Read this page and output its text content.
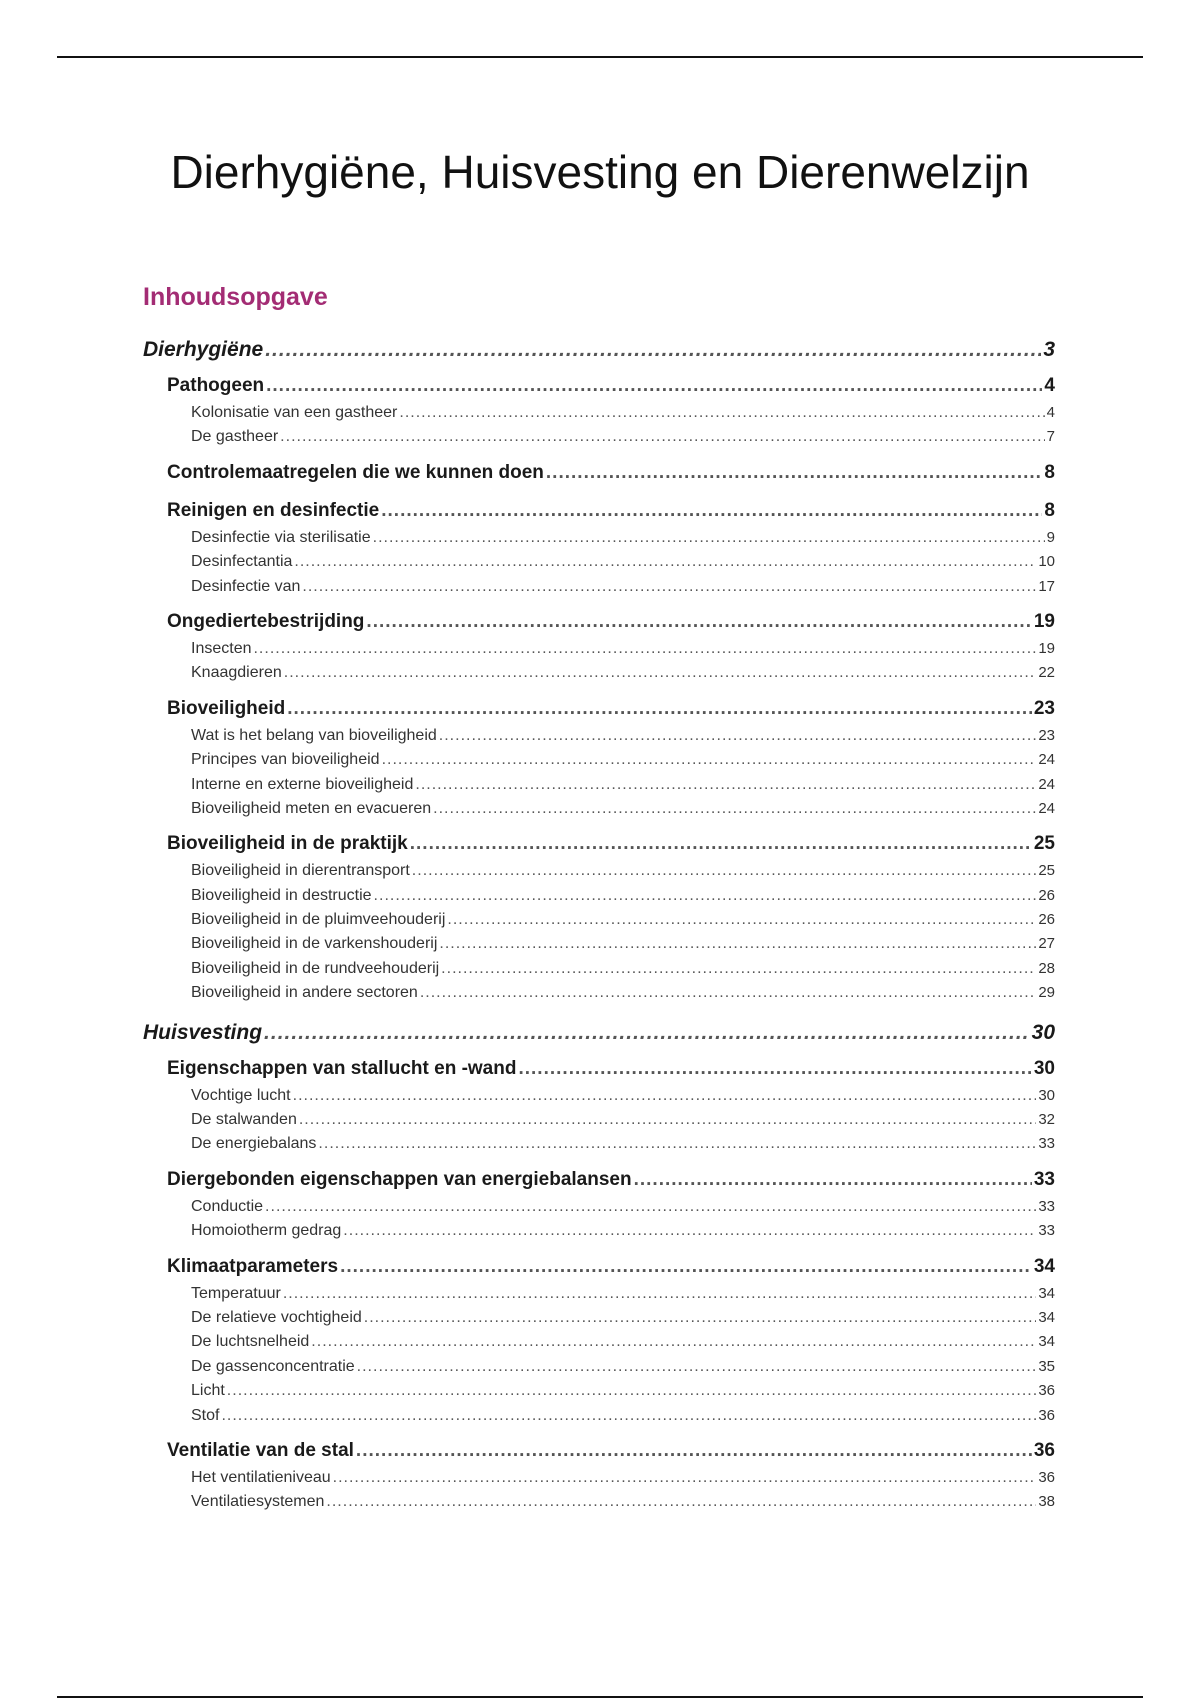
Dierhygiëne, Huisvesting en Dierenwelzijn
Inhoudsopgave
Dierhygiëne .....	3
Pathogeen .....	4
Kolonisatie van een gastheer .....	4
De gastheer .....	7
Controlemaatregelen die we kunnen doen .....	8
Reinigen en desinfectie .....	8
Desinfectie via sterilisatie .....	9
Desinfectantia .....	10
Desinfectie van .....	17
Ongediertebestrijding .....	19
Insecten .....	19
Knaagdieren .....	22
Bioveiligheid .....	23
Wat is het belang van bioveiligheid .....	23
Principes van bioveiligheid .....	24
Interne en externe bioveiligheid .....	24
Bioveiligheid meten en evacueren .....	24
Bioveiligheid in de praktijk .....	25
Bioveiligheid in dierentransport .....	25
Bioveiligheid in destructie .....	26
Bioveiligheid in de pluimveehouderij .....	26
Bioveiligheid in de varkenshouderij .....	27
Bioveiligheid in de rundveehouderij .....	28
Bioveiligheid in andere sectoren .....	29
Huisvesting .....	30
Eigenschappen van stallucht en -wand .....	30
Vochtige lucht .....	30
De stalwanden .....	32
De energiebalans .....	33
Diergebonden eigenschappen van energiebalansen .....	33
Conductie .....	33
Homoiotherm gedrag .....	33
Klimaatparameters .....	34
Temperatuur .....	34
De relatieve vochtigheid .....	34
De luchtsnelheid .....	34
De gassenconcentratie .....	35
Licht .....	36
Stof .....	36
Ventilatie van de stal .....	36
Het ventilatieniveau .....	36
Ventilatiesystemen .....	38
